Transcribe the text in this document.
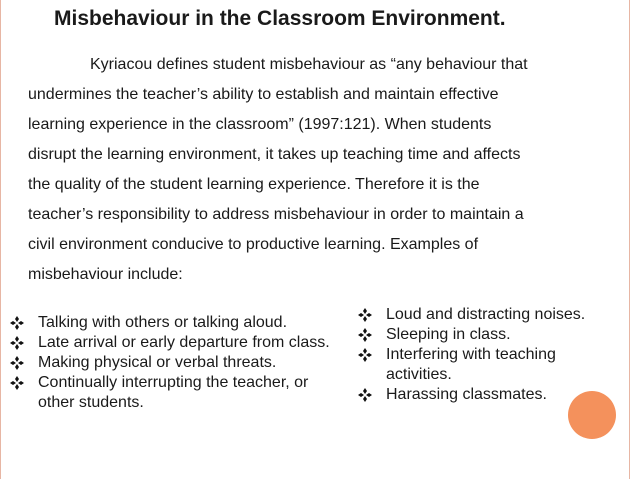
Misbehaviour in the Classroom Environment.
Kyriacou defines student misbehaviour as “any behaviour that
undermines the teacher’s ability to establish and maintain effective
learning experience in the classroom” (1997:121). When students
disrupt the learning environment, it takes up teaching time and affects
the quality of the student learning experience. Therefore it is the
teacher’s responsibility to address misbehaviour in order to maintain a
civil environment conducive to productive learning. Examples of
misbehaviour include:
Talking with others or talking aloud.
Late arrival or early departure from class.
Making physical or verbal threats.
Continually interrupting the teacher, or other students.
Loud and distracting noises.
Sleeping in class.
Interfering with teaching activities.
Harassing classmates.
